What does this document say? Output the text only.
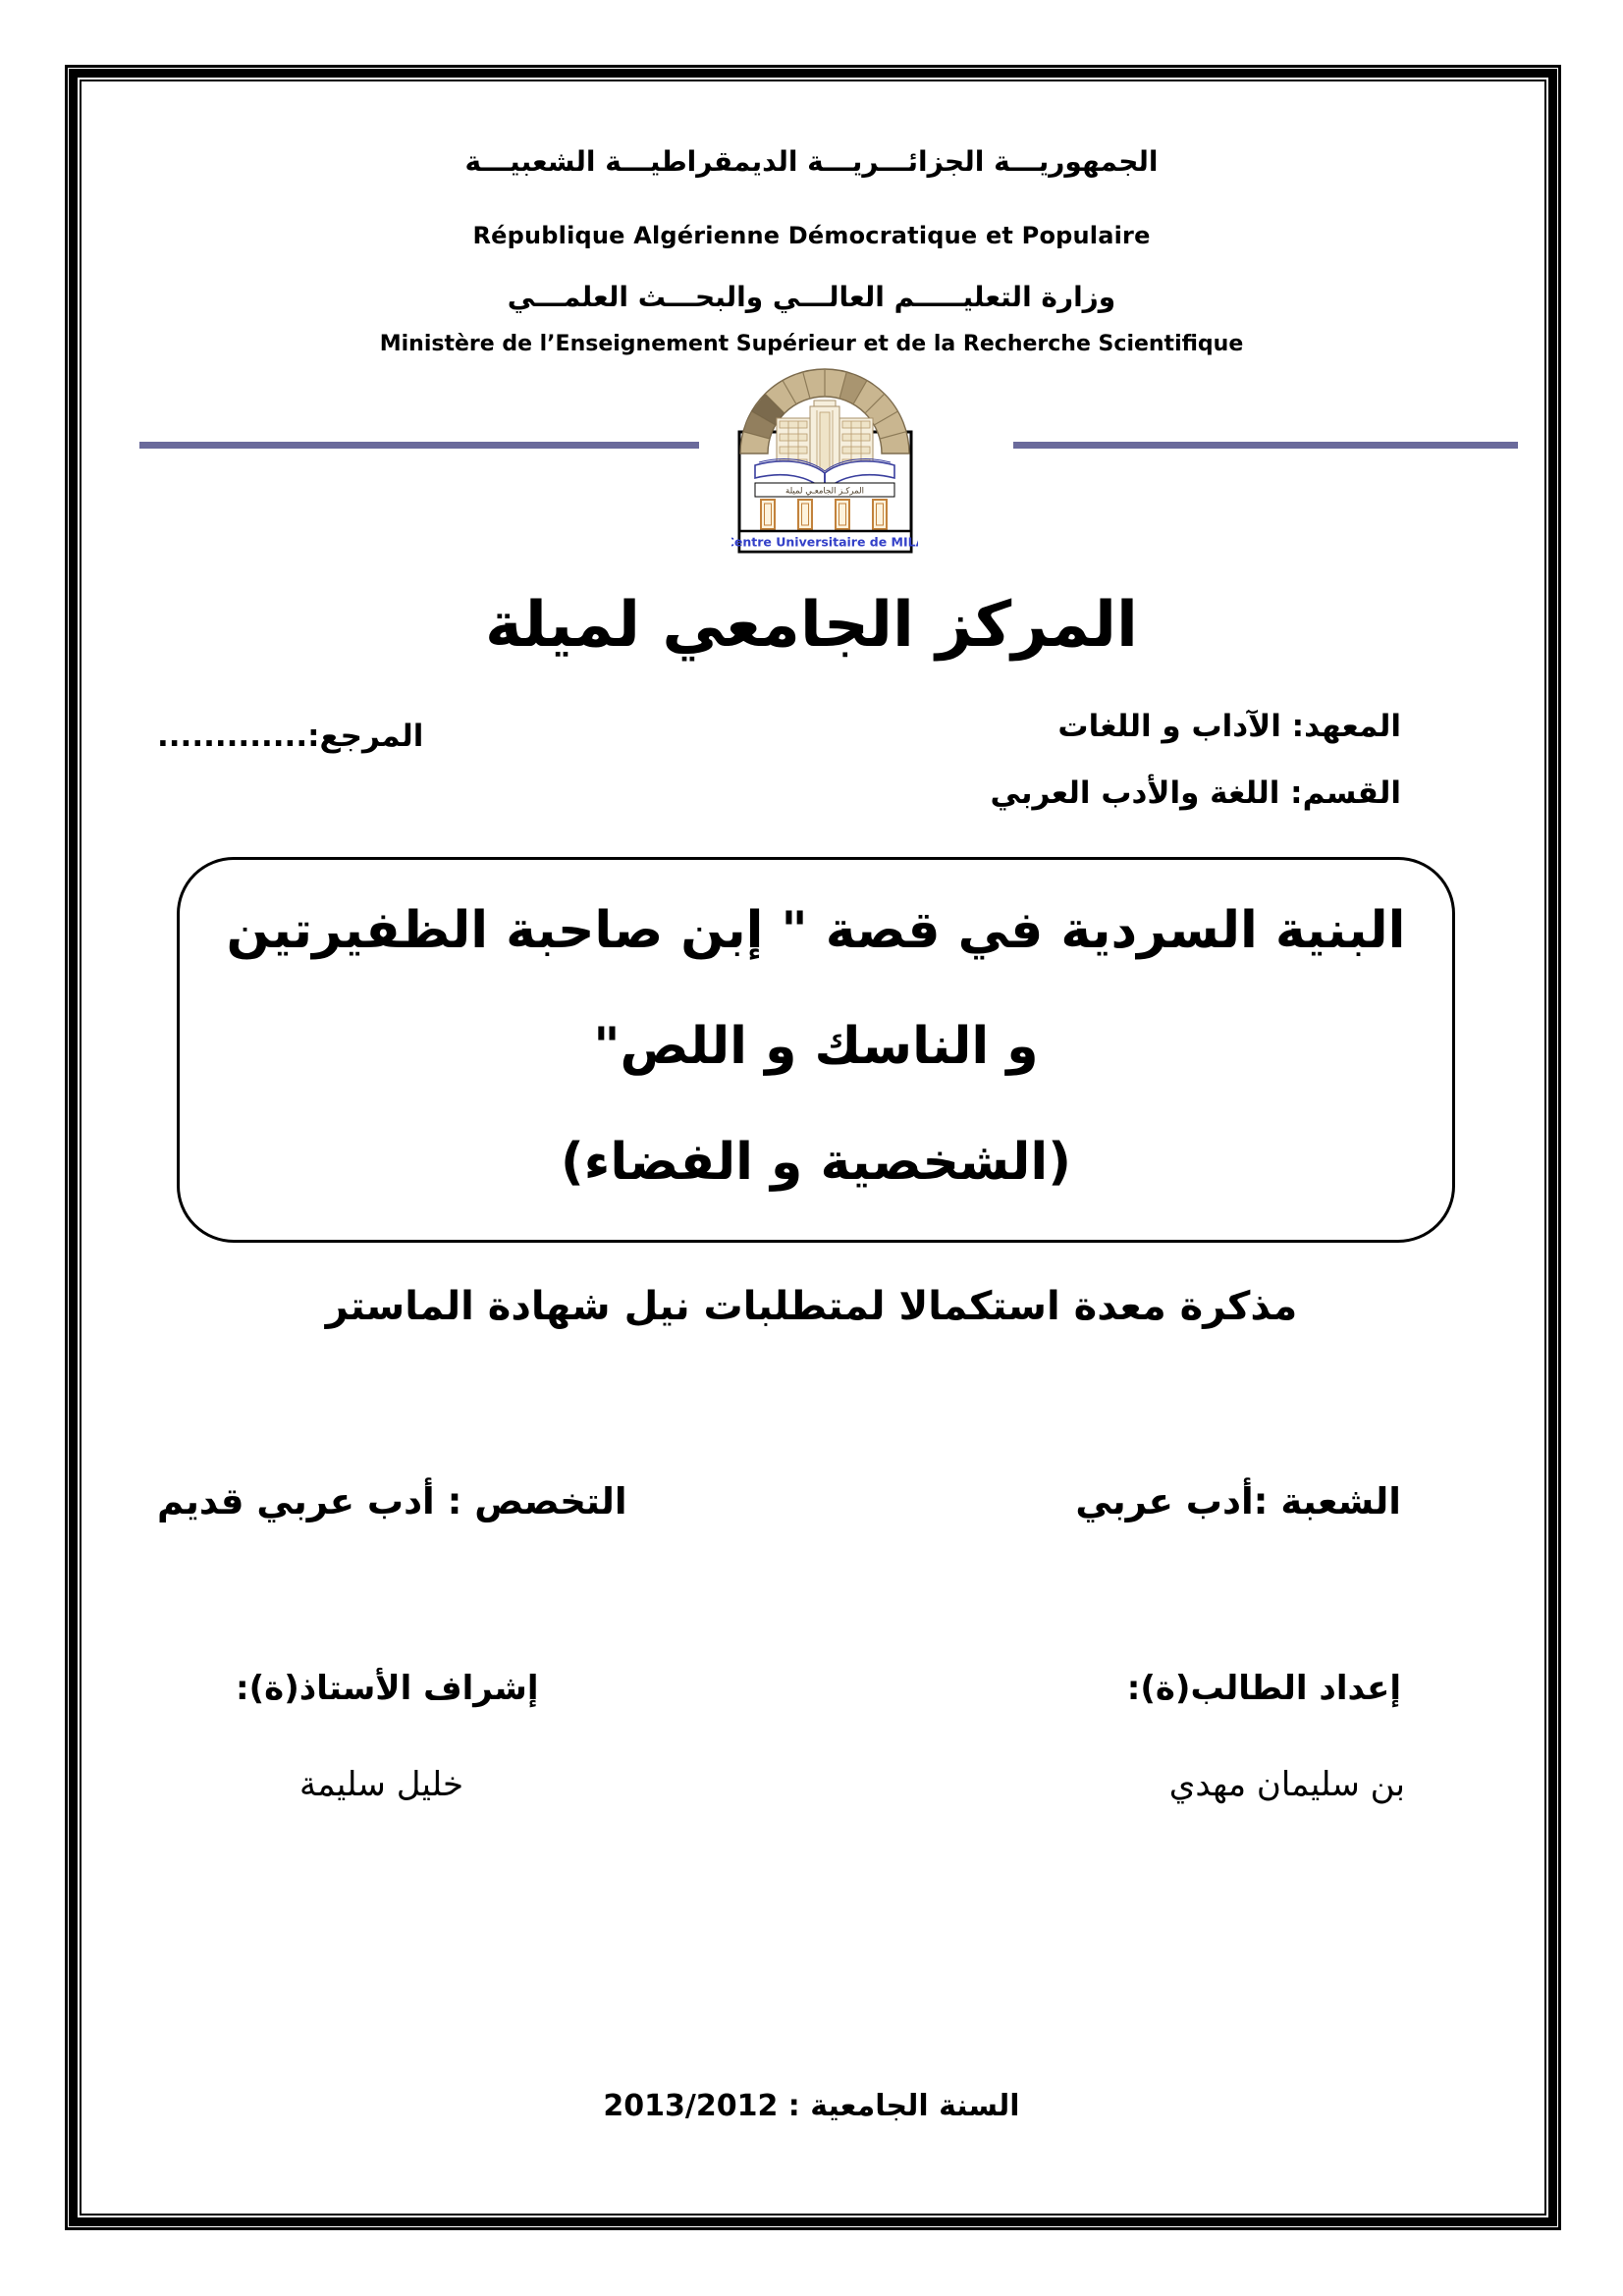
الجمهوريـــة الجزائـــريـــة الديمقراطيـــة الشعبيـــة
République Algérienne Démocratique et Populaire
وزارة التعليـــــم العالـــي والبحـــث العلمـــي
Ministère de l’Enseignement Supérieur et de la Recherche Scientifique
المركـز الجامعـي لميلة
Centre Universitaire de MILA
المركز الجامعي لميلة
المعهد: الآداب و اللغات
المرجع:.............
القسم: اللغة والأدب العربي
البنية السردية في قصة " إبن صاحبة الظفيرتين
و الناسك و اللص"
(الشخصية و الفضاء)
مذكرة معدة استكمالا لمتطلبات نيل شهادة الماستر
الشعبة :أدب عربي
التخصص : أدب عربي قديم
إعداد الطالب(ة):
إشراف الأستاذ(ة):
بن سليمان مهدي
خليل سليمة
السنة الجامعية : 2013/2012
